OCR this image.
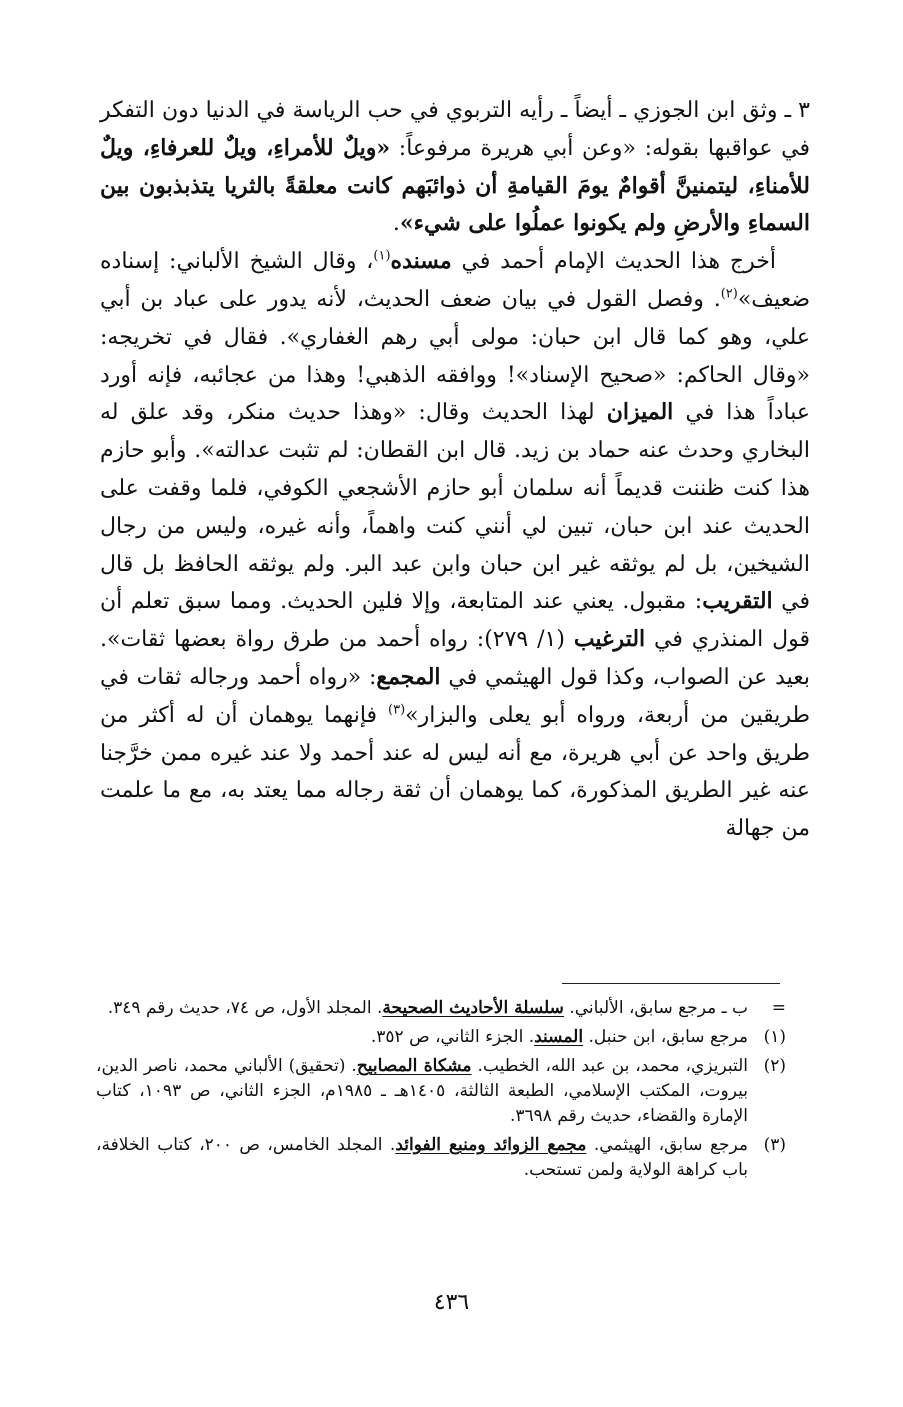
٣ ـ وثق ابن الجوزي ـ أيضاً ـ رأيه التربوي في حب الرياسة في الدنيا دون التفكر في عواقبها بقوله: «وعن أبي هريرة مرفوعاً: «ويلٌ للأمراءِ، ويلٌ للعرفاءِ، ويلٌ للأمناءِ، ليتمنينَّ أقوامٌ يومَ القيامةِ أن ذوائبَهم كانت معلقةً بالثريا يتذبذبون بين السماءِ والأرضِ ولم يكونوا عملُوا على شيء».

أخرج هذا الحديث الإمام أحمد في مسنده$^{(١)}$، وقال الشيخ الألباني: إسناده ضعيف»$^{(٢)}$. وفصل القول في بيان ضعف الحديث، لأنه يدور على عباد بن أبي علي، وهو كما قال ابن حبان: مولى أبي رهم الغفاري». فقال في تخريجه: «وقال الحاكم: «صحيح الإسناد»! ووافقه الذهبي! وهذا من عجائبه، فإنه أورد عباداً هذا في الميزان لهذا الحديث وقال: «وهذا حديث منكر، وقد علق له البخاري وحدث عنه حماد بن زيد. قال ابن القطان: لم تثبت عدالته». وأبو حازم هذا كنت ظننت قديماً أنه سلمان أبو حازم الأشجعي الكوفي، فلما وقفت على الحديث عند ابن حبان، تبين لي أنني كنت واهماً، وأنه غيره، وليس من رجال الشيخين، بل لم يوثقه غير ابن حبان وابن عبد البر. ولم يوثقه الحافظ بل قال في التقريب: مقبول. يعني عند المتابعة، وإلا فلين الحديث. ومما سبق تعلم أن قول المنذري في الترغيب (١/ ٢٧٩): رواه أحمد من طرق رواة بعضها ثقات». بعيد عن الصواب، وكذا قول الهيثمي في المجمع: «رواه أحمد ورجاله ثقات في طريقين من أربعة، ورواه أبو يعلى والبزار»$^{(٣)}$ فإنهما يوهمان أن له أكثر من طريق واحد عن أبي هريرة، مع أنه ليس له عند أحمد ولا عند غيره ممن خرَّجنا عنه غير الطريق المذكورة، كما يوهمان أن ثقة رجاله مما يعتد به، مع ما علمت من جهالة

=
ب ـ مرجع سابق، الألباني. سلسلة الأحاديث الصحيحة. المجلد الأول، ص ٧٤، حديث رقم ٣٤٩.
(١)
مرجع سابق، ابن حنبل. المسند. الجزء الثاني، ص ٣٥٢.
(٢)
التبريزي، محمد، بن عبد الله، الخطيب. مشكاة المصابيح. (تحقيق) الألباني محمد، ناصر الدين، بيروت، المكتب الإسلامي، الطبعة الثالثة، ١٤٠٥هـ ـ ١٩٨٥م، الجزء الثاني، ص ١٠٩٣، كتاب الإمارة والقضاء، حديث رقم ٣٦٩٨.
(٣)
مرجع سابق، الهيثمي. مجمع الزوائد ومنبع الفوائد. المجلد الخامس، ص ٢٠٠، كتاب الخلافة، باب كراهة الولاية ولمن تستحب.
٤٣٦
